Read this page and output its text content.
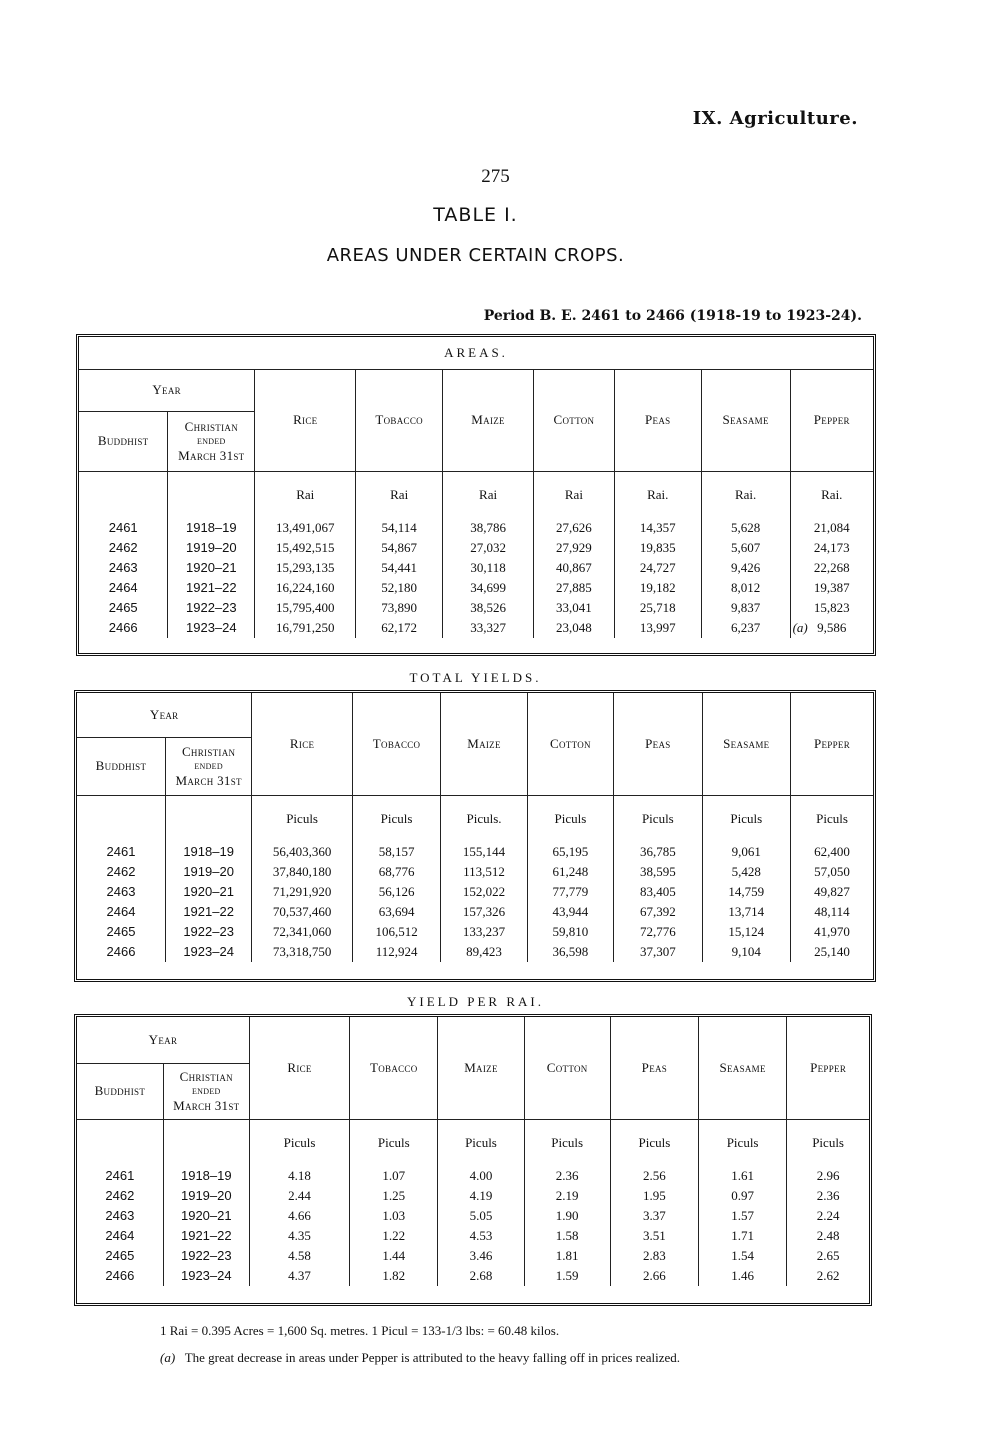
IX. Agriculture.
275
TABLE I.
AREAS UNDER CERTAIN CROPS.
Period B. E. 2461 to 2466 (1918-19 to 1923-24).
AREAS.								
Year		Rice	Tobacco	Maize	Cotton	Peas	Seasame	Pepper
Buddhist	Christian
ended
March 31st							

		Rai	Rai	Rai	Rai	Rai.	Rai.	Rai.
2461	1918–19	13,491,067	54,114	38,786	27,626	14,357	5,628	21,084
2462	1919–20	15,492,515	54,867	27,032	27,929	19,835	5,607	24,173
2463	1920–21	15,293,135	54,441	30,118	40,867	24,727	9,426	22,268
2464	1921–22	16,224,160	52,180	34,699	27,885	19,182	8,012	19,387
2465	1922–23	15,795,400	73,890	38,526	33,041	25,718	9,837	15,823
2466	1923–24	16,791,250	62,172	33,327	23,048	13,997	6,237	(a) 9,586
TOTAL YIELDS.
Year		Rice	Tobacco	Maize	Cotton	Peas	Seasame	Pepper
Buddhist	Christian
ended
March 31st							

		Piculs	Piculs	Piculs.	Piculs	Piculs	Piculs	Piculs
2461	1918–19	56,403,360	58,157	155,144	65,195	36,785	9,061	62,400
2462	1919–20	37,840,180	68,776	113,512	61,248	38,595	5,428	57,050
2463	1920–21	71,291,920	56,126	152,022	77,779	83,405	14,759	49,827
2464	1921–22	70,537,460	63,694	157,326	43,944	67,392	13,714	48,114
2465	1922–23	72,341,060	106,512	133,237	59,810	72,776	15,124	41,970
2466	1923–24	73,318,750	112,924	89,423	36,598	37,307	9,104	25,140
YIELD PER RAI.
Year		Rice	Tobacco	Maize	Cotton	Peas	Seasame	Pepper
Buddhist	Christian
ended
March 31st							

		Piculs	Piculs	Piculs	Piculs	Piculs	Piculs	Piculs
2461	1918–19	4.18	1.07	4.00	2.36	2.56	1.61	2.96
2462	1919–20	2.44	1.25	4.19	2.19	1.95	0.97	2.36
2463	1920–21	4.66	1.03	5.05	1.90	3.37	1.57	2.24
2464	1921–22	4.35	1.22	4.53	1.58	3.51	1.71	2.48
2465	1922–23	4.58	1.44	3.46	1.81	2.83	1.54	2.65
2466	1923–24	4.37	1.82	2.68	1.59	2.66	1.46	2.62
1 Rai = 0.395 Acres = 1,600 Sq. metres. 1 Picul = 133-1/3 lbs: = 60.48 kilos.
(a) The great decrease in areas under Pepper is attributed to the heavy falling off in prices realized.
